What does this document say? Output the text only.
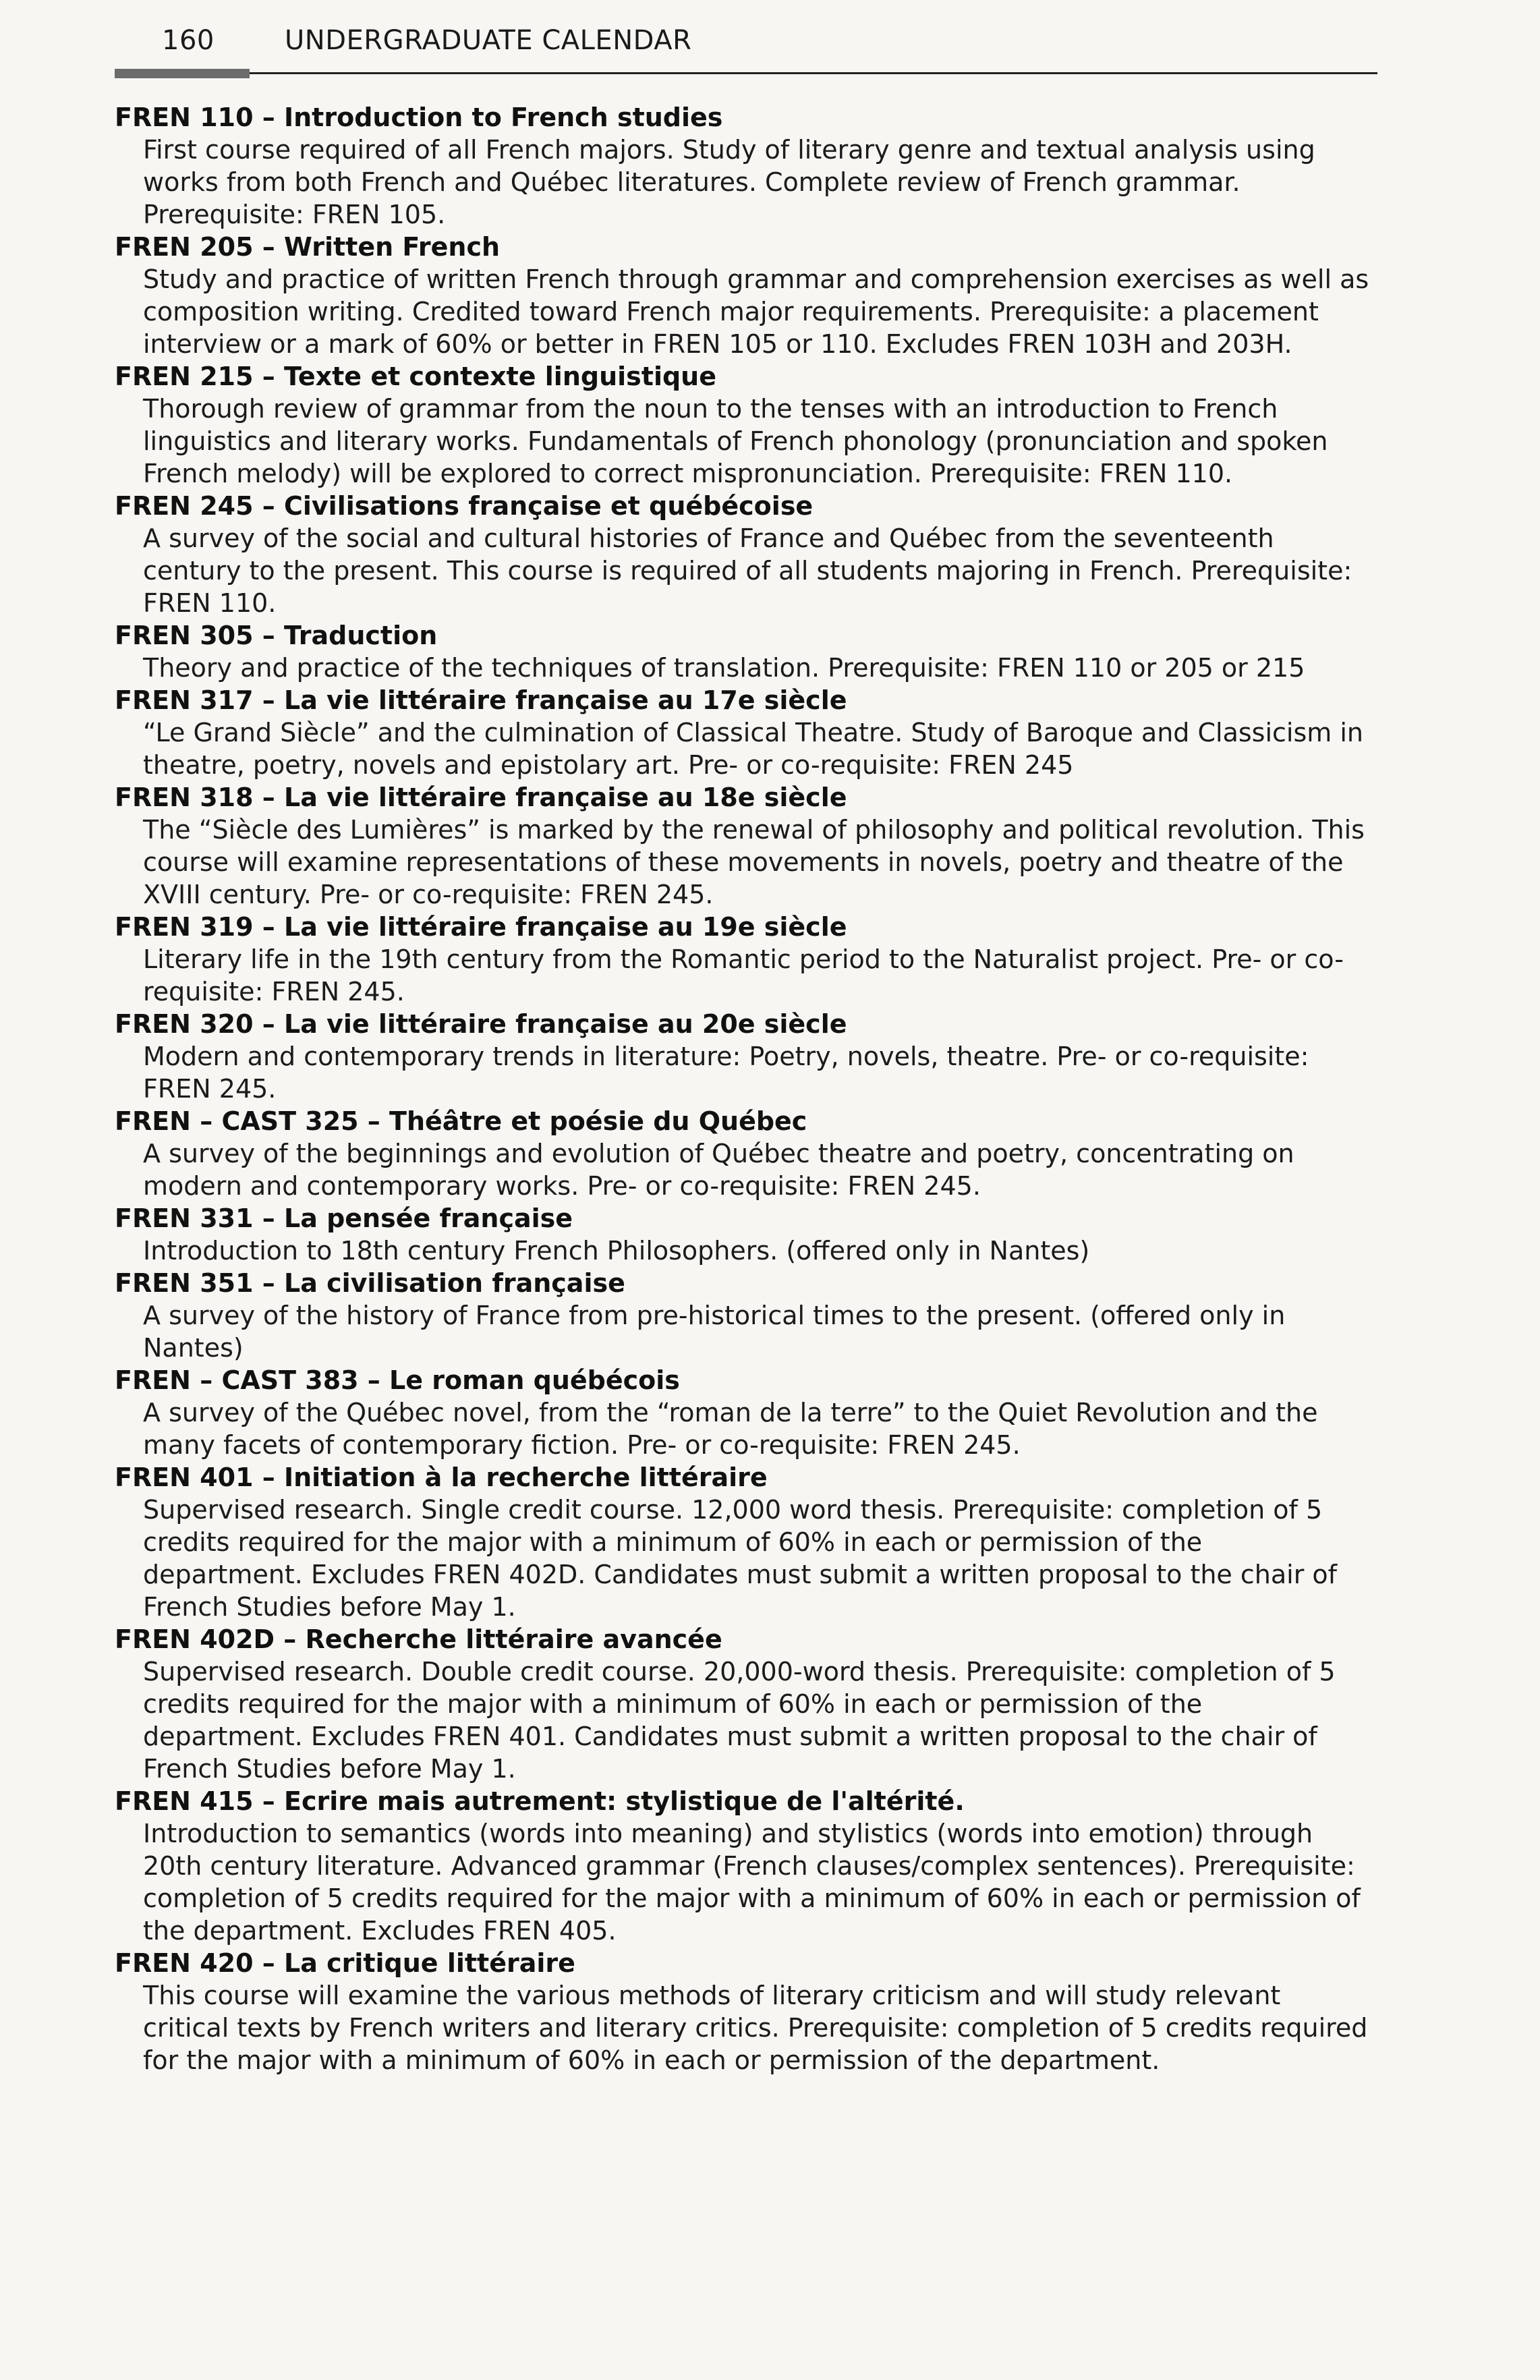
160	UNDERGRADUATE CALENDAR

FREN 110 – Introduction to French studies

First course required of all French majors. Study of literary genre and textual analysis using works from both French and Québec literatures. Complete review of French grammar. Prerequisite: FREN 105.

FREN 205 – Written French

Study and practice of written French through grammar and comprehension exercises as well as composition writing. Credited toward French major requirements. Prerequisite: a placement interview or a mark of 60% or better in FREN 105 or 110. Excludes FREN 103H and 203H.

FREN 215 – Texte et contexte linguistique

Thorough review of grammar from the noun to the tenses with an introduction to French linguistics and literary works. Fundamentals of French phonology (pronunciation and spoken French melody) will be explored to correct mispronunciation. Prerequisite: FREN 110.

FREN 245 – Civilisations française et québécoise

A survey of the social and cultural histories of France and Québec from the seventeenth century to the present. This course is required of all students majoring in French. Prerequisite: FREN 110.

FREN 305 – Traduction

Theory and practice of the techniques of translation. Prerequisite: FREN 110 or 205 or 215

FREN 317 – La vie littéraire française au 17e siècle

“Le Grand Siècle” and the culmination of Classical Theatre. Study of Baroque and Classicism in theatre, poetry, novels and epistolary art. Pre- or co-requisite: FREN 245

FREN 318 – La vie littéraire française au 18e siècle

The “Siècle des Lumières” is marked by the renewal of philosophy and political revolution. This course will examine representations of these movements in novels, poetry and theatre of the XVIII century. Pre- or co-requisite: FREN 245.

FREN 319 – La vie littéraire française au 19e siècle

Literary life in the 19th century from the Romantic period to the Naturalist project. Pre- or co-requisite: FREN 245.

FREN 320 – La vie littéraire française au 20e siècle

Modern and contemporary trends in literature: Poetry, novels, theatre. Pre- or co-requisite: FREN 245.

FREN – CAST 325 – Théâtre et poésie du Québec

A survey of the beginnings and evolution of Québec theatre and poetry, concentrating on modern and contemporary works. Pre- or co-requisite: FREN 245.

FREN 331 – La pensée française

Introduction to 18th century French Philosophers. (offered only in Nantes)

FREN 351 – La civilisation française

A survey of the history of France from pre-historical times to the present. (offered only in Nantes)

FREN – CAST 383 – Le roman québécois

A survey of the Québec novel, from the “roman de la terre” to the Quiet Revolution and the many facets of contemporary fiction. Pre- or co-requisite: FREN 245.

FREN 401 – Initiation à la recherche littéraire

Supervised research. Single credit course. 12,000 word thesis. Prerequisite: completion of 5 credits required for the major with a minimum of 60% in each or permission of the department. Excludes FREN 402D. Candidates must submit a written proposal to the chair of French Studies before May 1.

FREN 402D – Recherche littéraire avancée

Supervised research. Double credit course. 20,000-word thesis. Prerequisite: completion of 5 credits required for the major with a minimum of 60% in each or permission of the department. Excludes FREN 401. Candidates must submit a written proposal to the chair of French Studies before May 1.

FREN 415 – Ecrire mais autrement: stylistique de l'altérité.

Introduction to semantics (words into meaning) and stylistics (words into emotion) through 20th century literature. Advanced grammar (French clauses/complex sentences). Prerequisite: completion of 5 credits required for the major with a minimum of 60% in each or permission of the department. Excludes FREN 405.

FREN 420 – La critique littéraire

This course will examine the various methods of literary criticism and will study relevant critical texts by French writers and literary critics. Prerequisite: completion of 5 credits required for the major with a minimum of 60% in each or permission of the department.
